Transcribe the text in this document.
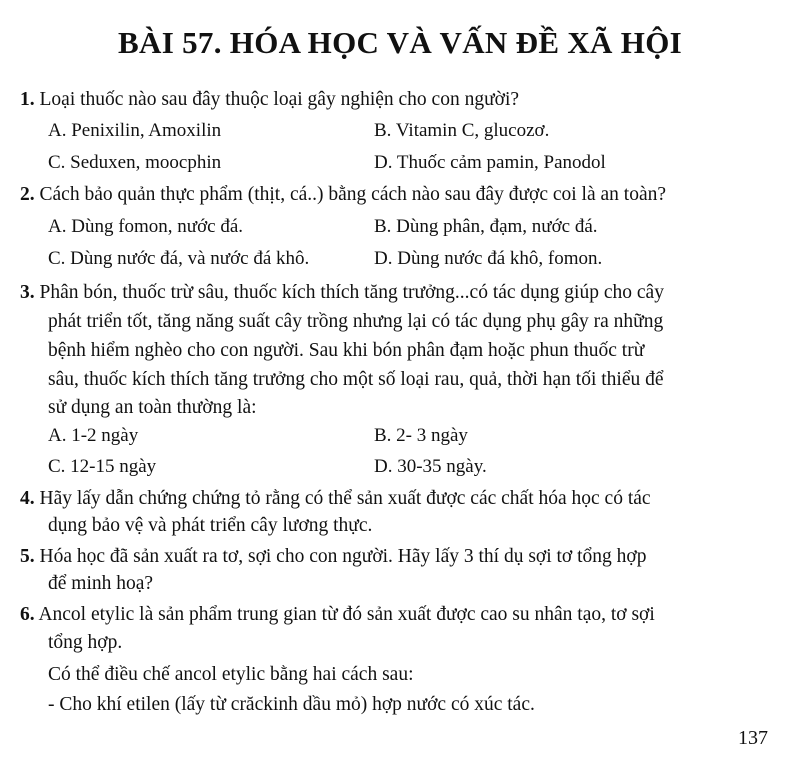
BÀI 57. HÓA HỌC VÀ VẤN ĐỀ XÃ HỘI
1. Loại thuốc nào sau đây thuộc loại gây nghiện cho con người?
A. Penixilin, Amoxilin	B. Vitamin C, glucozơ.
C. Seduxen, moocphin	D. Thuốc cảm pamin, Panodol
2. Cách bảo quản thực phẩm (thịt, cá..) bằng cách nào sau đây được coi là an toàn?
A. Dùng fomon, nước đá.	B. Dùng phân, đạm, nước đá.
C. Dùng nước đá, và nước đá khô.	D. Dùng nước đá khô, fomon.
3. Phân bón, thuốc trừ sâu, thuốc kích thích tăng trưởng...có tác dụng giúp cho cây
phát triển tốt, tăng năng suất cây trồng nhưng lại có tác dụng phụ gây ra những
bệnh hiểm nghèo cho con người. Sau khi bón phân đạm hoặc phun thuốc trừ
sâu, thuốc kích thích tăng trưởng cho một số loại rau, quả, thời hạn tối thiểu để
sử dụng an toàn thường là:
A. 1-2 ngày	B. 2- 3 ngày
C. 12-15 ngày	D. 30-35 ngày.
4. Hãy lấy dẫn chứng chứng tỏ rằng có thể sản xuất được các chất hóa học có tác
dụng bảo vệ và phát triển cây lương thực.
5. Hóa học đã sản xuất ra tơ, sợi cho con người. Hãy lấy 3 thí dụ sợi tơ tổng hợp
để minh hoạ?
6. Ancol etylic là sản phẩm trung gian từ đó sản xuất được cao su nhân tạo, tơ sợi
tổng hợp.
Có thể điều chế ancol etylic bằng hai cách sau:
- Cho khí etilen (lấy từ crăckinh dầu mỏ) hợp nước có xúc tác.
137
